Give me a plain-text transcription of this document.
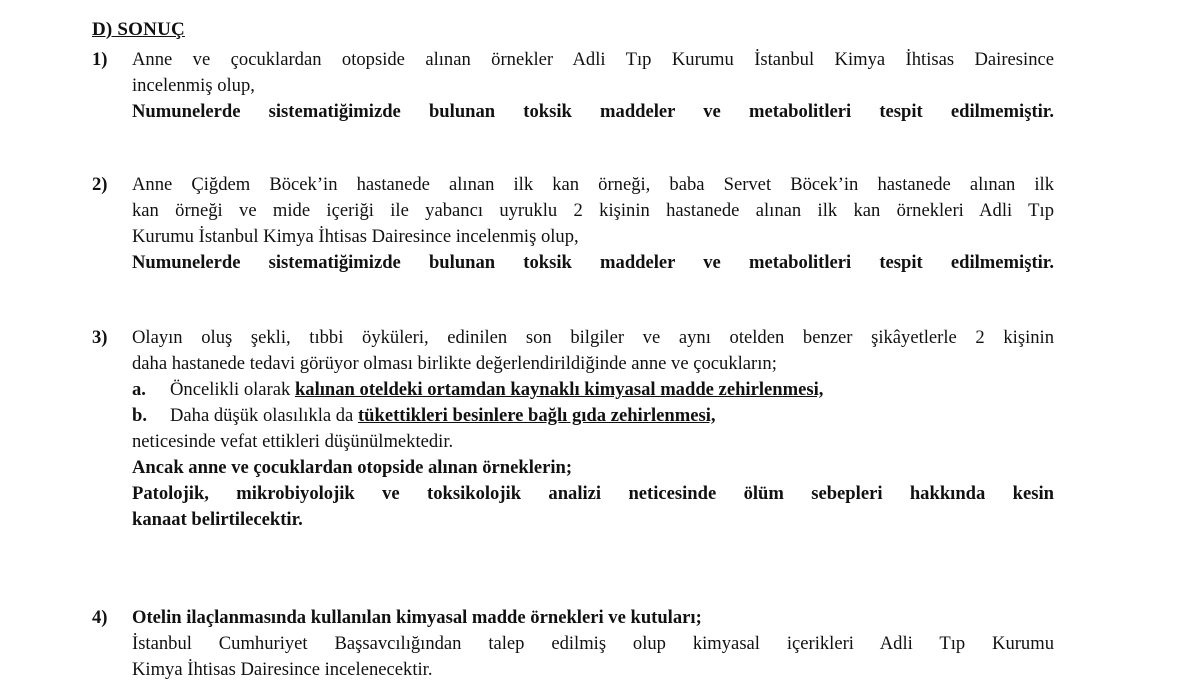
D) SONUÇ
1) Anne ve çocuklardan otopside alınan örnekler Adli Tıp Kurumu İstanbul Kimya İhtisas Dairesince
incelenmiş olup,
Numunelerde sistematiğimizde bulunan toksik maddeler ve metabolitleri tespit edilmemiştir.
2) Anne Çiğdem Böcek’in hastanede alınan ilk kan örneği, baba Servet Böcek’in hastanede alınan ilk
kan örneği ve mide içeriği ile yabancı uyruklu 2 kişinin hastanede alınan ilk kan örnekleri Adli Tıp
Kurumu İstanbul Kimya İhtisas Dairesince incelenmiş olup,
Numunelerde sistematiğimizde bulunan toksik maddeler ve metabolitleri tespit edilmemiştir.
3) Olayın oluş şekli, tıbbi öyküleri, edinilen son bilgiler ve aynı otelden benzer şikâyetlerle 2 kişinin
daha hastanede tedavi görüyor olması birlikte değerlendirildiğinde anne ve çocukların;
a. Öncelikli olarak kalınan oteldeki ortamdan kaynaklı kimyasal madde zehirlenmesi,
b. Daha düşük olasılıkla da tükettikleri besinlere bağlı gıda zehirlenmesi,
neticesinde vefat ettikleri düşünülmektedir.
Ancak anne ve çocuklardan otopside alınan örneklerin;
Patolojik, mikrobiyolojik ve toksikolojik analizi neticesinde ölüm sebepleri hakkında kesin
kanaat belirtilecektir.
4) Otelin ilaçlanmasında kullanılan kimyasal madde örnekleri ve kutuları;
İstanbul Cumhuriyet Başsavcılığından talep edilmiş olup kimyasal içerikleri Adli Tıp Kurumu
Kimya İhtisas Dairesince incelenecektir.
